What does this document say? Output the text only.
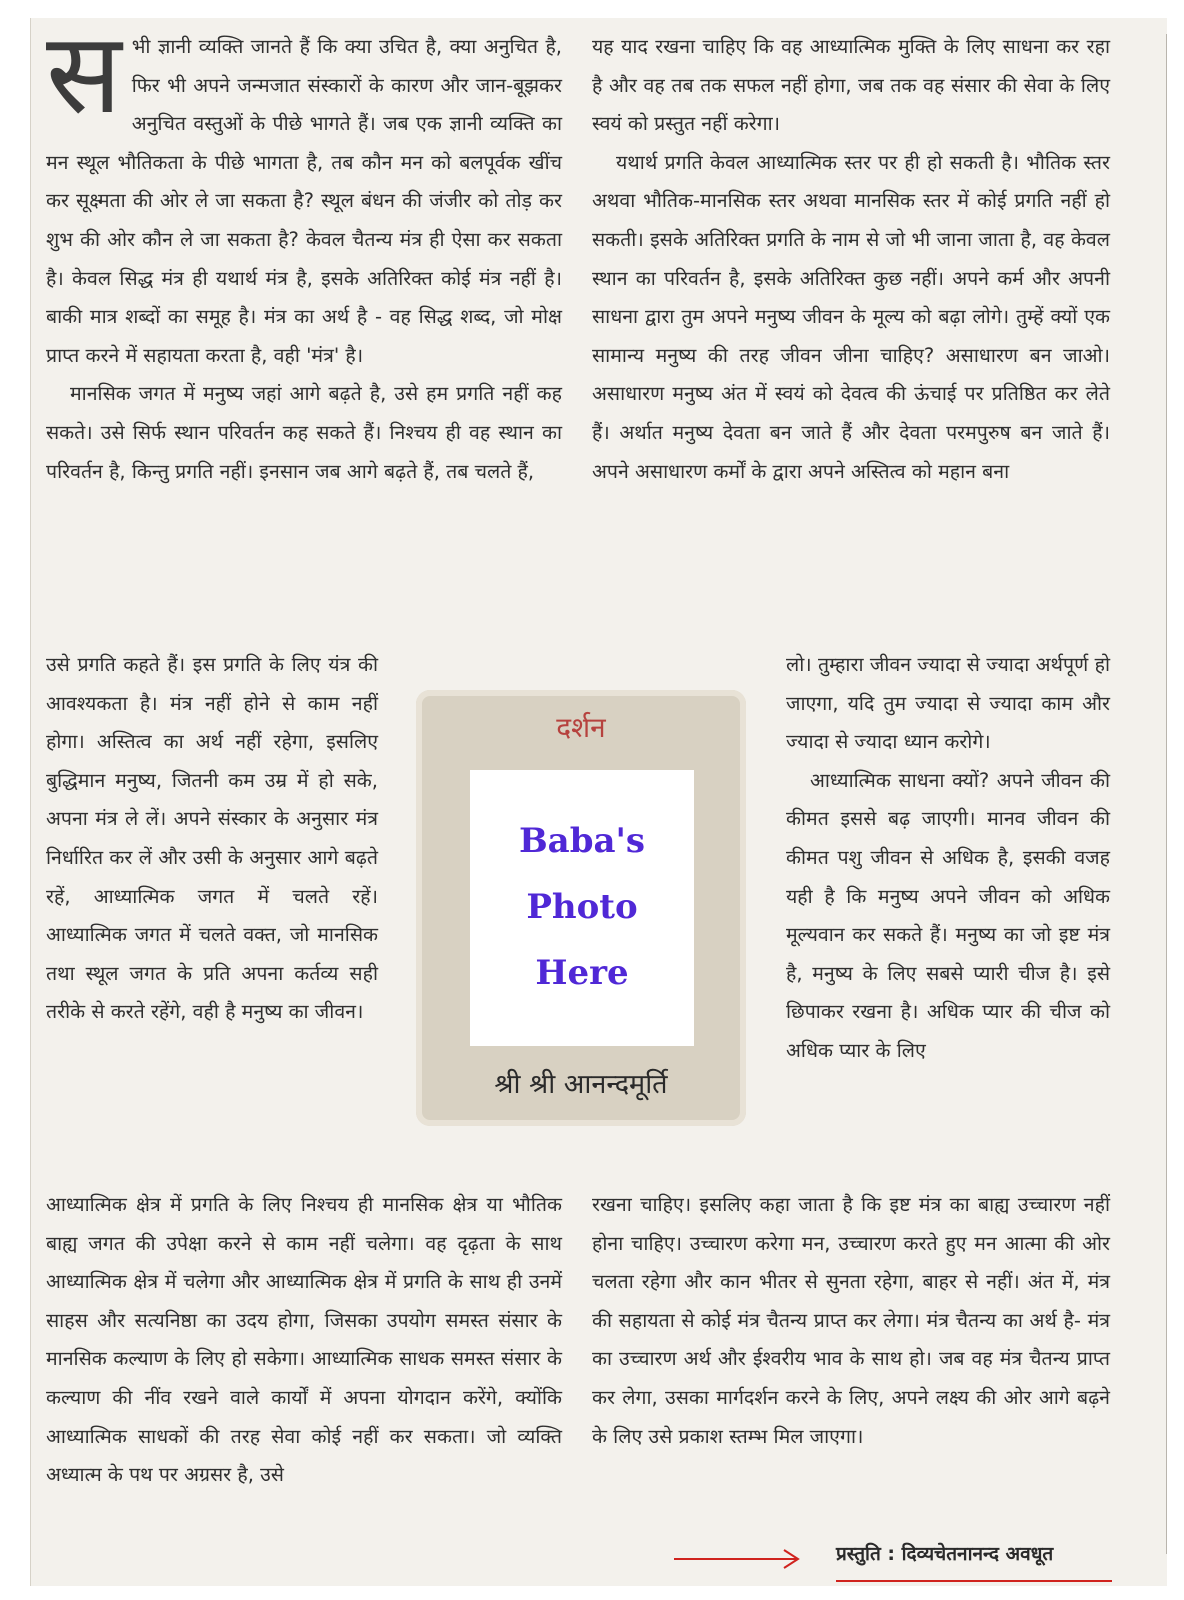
स भी ज्ञानी व्यक्ति जानते हैं कि क्या उचित है, क्या अनुचित है, फिर भी अपने जन्मजात संस्कारों के कारण और जान-बूझकर अनुचित वस्तुओं के पीछे भागते हैं। जब एक ज्ञानी व्यक्ति का मन स्थूल भौतिकता के पीछे भागता है, तब कौन मन को बलपूर्वक खींच कर सूक्ष्मता की ओर ले जा सकता है? स्थूल बंधन की जंजीर को तोड़ कर शुभ की ओर कौन ले जा सकता है? केवल चैतन्य मंत्र ही ऐसा कर सकता है। केवल सिद्ध मंत्र ही यथार्थ मंत्र है, इसके अतिरिक्त कोई मंत्र नहीं है। बाकी मात्र शब्दों का समूह है। मंत्र का अर्थ है - वह सिद्ध शब्द, जो मोक्ष प्राप्त करने में सहायता करता है, वही 'मंत्र' है।

मानसिक जगत में मनुष्य जहां आगे बढ़ते है, उसे हम प्रगति नहीं कह सकते। उसे सिर्फ स्थान परिवर्तन कह सकते हैं। निश्चय ही वह स्थान का परिवर्तन है, किन्तु प्रगति नहीं। इनसान जब आगे बढ़ते हैं, तब चलते हैं,

उसे प्रगति कहते हैं। इस प्रगति के लिए यंत्र की आवश्यकता है। मंत्र नहीं होने से काम नहीं होगा। अस्तित्व का अर्थ नहीं रहेगा, इसलिए बुद्धिमान मनुष्य, जितनी कम उम्र में हो सके, अपना मंत्र ले लें। अपने संस्कार के अनुसार मंत्र निर्धारित कर लें और उसी के अनुसार आगे बढ़ते रहें, आध्यात्मिक जगत में चलते रहें। आध्यात्मिक जगत में चलते वक्त, जो मानसिक तथा स्थूल जगत के प्रति अपना कर्तव्य सही तरीके से करते रहेंगे, वही है मनुष्य का जीवन।

आध्यात्मिक क्षेत्र में प्रगति के लिए निश्चय ही मानसिक क्षेत्र या भौतिक बाह्य जगत की उपेक्षा करने से काम नहीं चलेगा। वह दृढ़ता के साथ आध्यात्मिक क्षेत्र में चलेगा और आध्यात्मिक क्षेत्र में प्रगति के साथ ही उनमें साहस और सत्यनिष्ठा का उदय होगा, जिसका उपयोग समस्त संसार के मानसिक कल्याण के लिए हो सकेगा। आध्यात्मिक साधक समस्त संसार के कल्याण की नींव रखने वाले कार्यों में अपना योगदान करेंगे, क्योंकि आध्यात्मिक साधकों की तरह सेवा कोई नहीं कर सकता। जो व्यक्ति अध्यात्म के पथ पर अग्रसर है, उसे

यह याद रखना चाहिए कि वह आध्यात्मिक मुक्ति के लिए साधना कर रहा है और वह तब तक सफल नहीं होगा, जब तक वह संसार की सेवा के लिए स्वयं को प्रस्तुत नहीं करेगा।

यथार्थ प्रगति केवल आध्यात्मिक स्तर पर ही हो सकती है। भौतिक स्तर अथवा भौतिक-मानसिक स्तर अथवा मानसिक स्तर में कोई प्रगति नहीं हो सकती। इसके अतिरिक्त प्रगति के नाम से जो भी जाना जाता है, वह केवल स्थान का परिवर्तन है, इसके अतिरिक्त कुछ नहीं। अपने कर्म और अपनी साधना द्वारा तुम अपने मनुष्य जीवन के मूल्य को बढ़ा लोगे। तुम्हें क्यों एक सामान्य मनुष्य की तरह जीवन जीना चाहिए? असाधारण बन जाओ। असाधारण मनुष्य अंत में स्वयं को देवत्व की ऊंचाई पर प्रतिष्ठित कर लेते हैं। अर्थात मनुष्य देवता बन जाते हैं और देवता परमपुरुष बन जाते हैं। अपने असाधारण कर्मों के द्वारा अपने अस्तित्व को महान बना

लो। तुम्हारा जीवन ज्यादा से ज्यादा अर्थपूर्ण हो जाएगा, यदि तुम ज्यादा से ज्यादा काम और ज्यादा से ज्यादा ध्यान करोगे।

आध्यात्मिक साधना क्यों? अपने जीवन की कीमत इससे बढ़ जाएगी। मानव जीवन की कीमत पशु जीवन से अधिक है, इसकी वजह यही है कि मनुष्य अपने जीवन को अधिक मूल्यवान कर सकते हैं। मनुष्य का जो इष्ट मंत्र है, मनुष्य के लिए सबसे प्यारी चीज है। इसे छिपाकर रखना है। अधिक प्यार की चीज को अधिक प्यार के लिए

रखना चाहिए। इसलिए कहा जाता है कि इष्ट मंत्र का बाह्य उच्चारण नहीं होना चाहिए। उच्चारण करेगा मन, उच्चारण करते हुए मन आत्मा की ओर चलता रहेगा और कान भीतर से सुनता रहेगा, बाहर से नहीं। अंत में, मंत्र की सहायता से कोई मंत्र चैतन्य प्राप्त कर लेगा। मंत्र चैतन्य का अर्थ है- मंत्र का उच्चारण अर्थ और ईश्वरीय भाव के साथ हो। जब वह मंत्र चैतन्य प्राप्त कर लेगा, उसका मार्गदर्शन करने के लिए, अपने लक्ष्य की ओर आगे बढ़ने के लिए उसे प्रकाश स्तम्भ मिल जाएगा।

दर्शन
Baba's
Photo
Here
श्री श्री आनन्दमूर्ति
प्रस्तुति : दिव्यचेतनानन्द अवधूत
